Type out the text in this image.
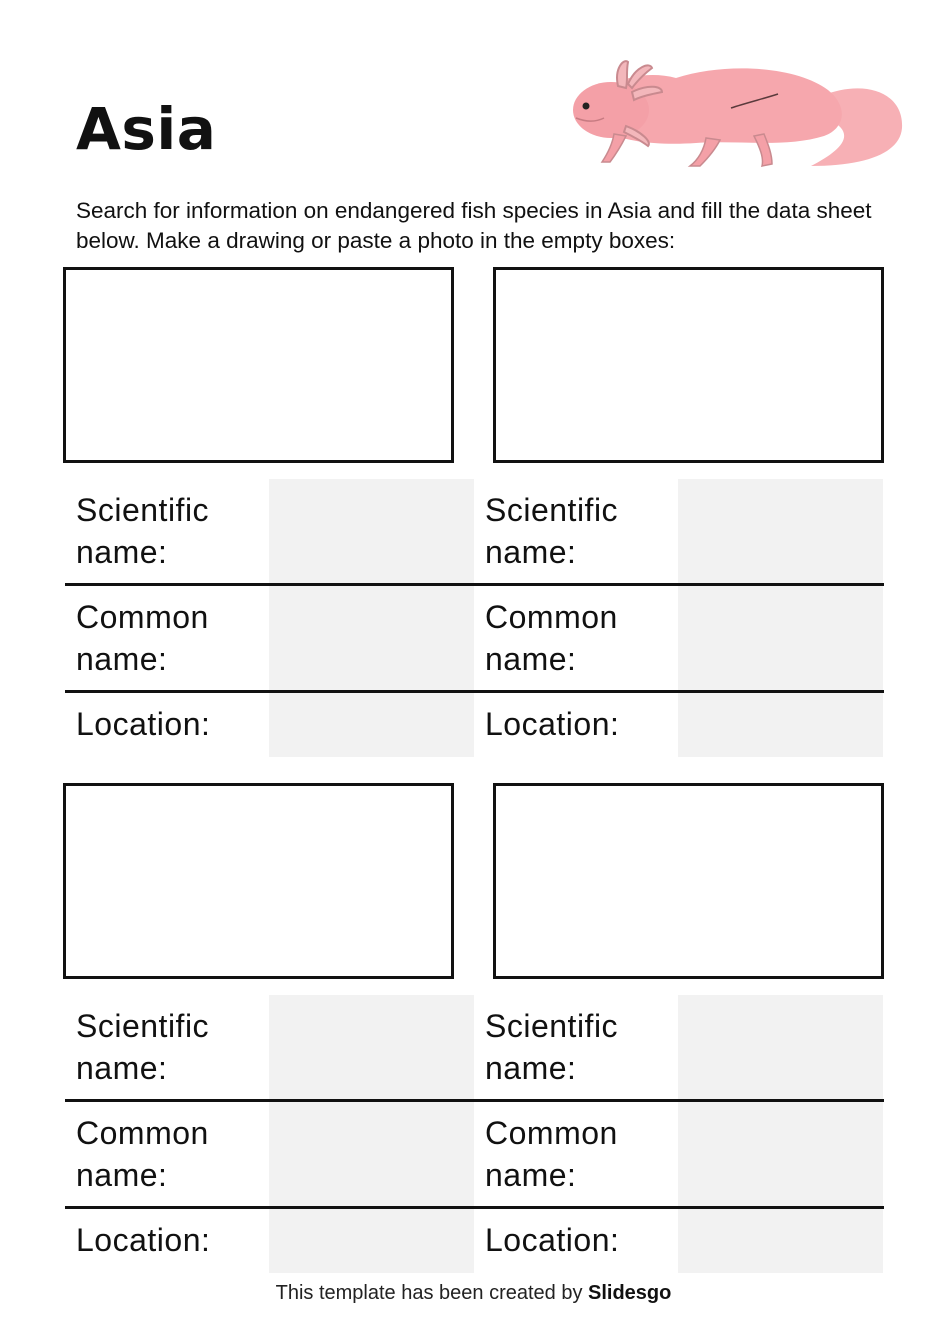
Asia
Search for information on endangered fish species in Asia and fill the data sheet below. Make a drawing or paste a photo in the empty boxes:
Scientific name:
Common name:
Location:
Scientific name:
Common name:
Location:
Scientific name:
Common name:
Location:
Scientific name:
Common name:
Location:
This template has been created by Slidesgo
